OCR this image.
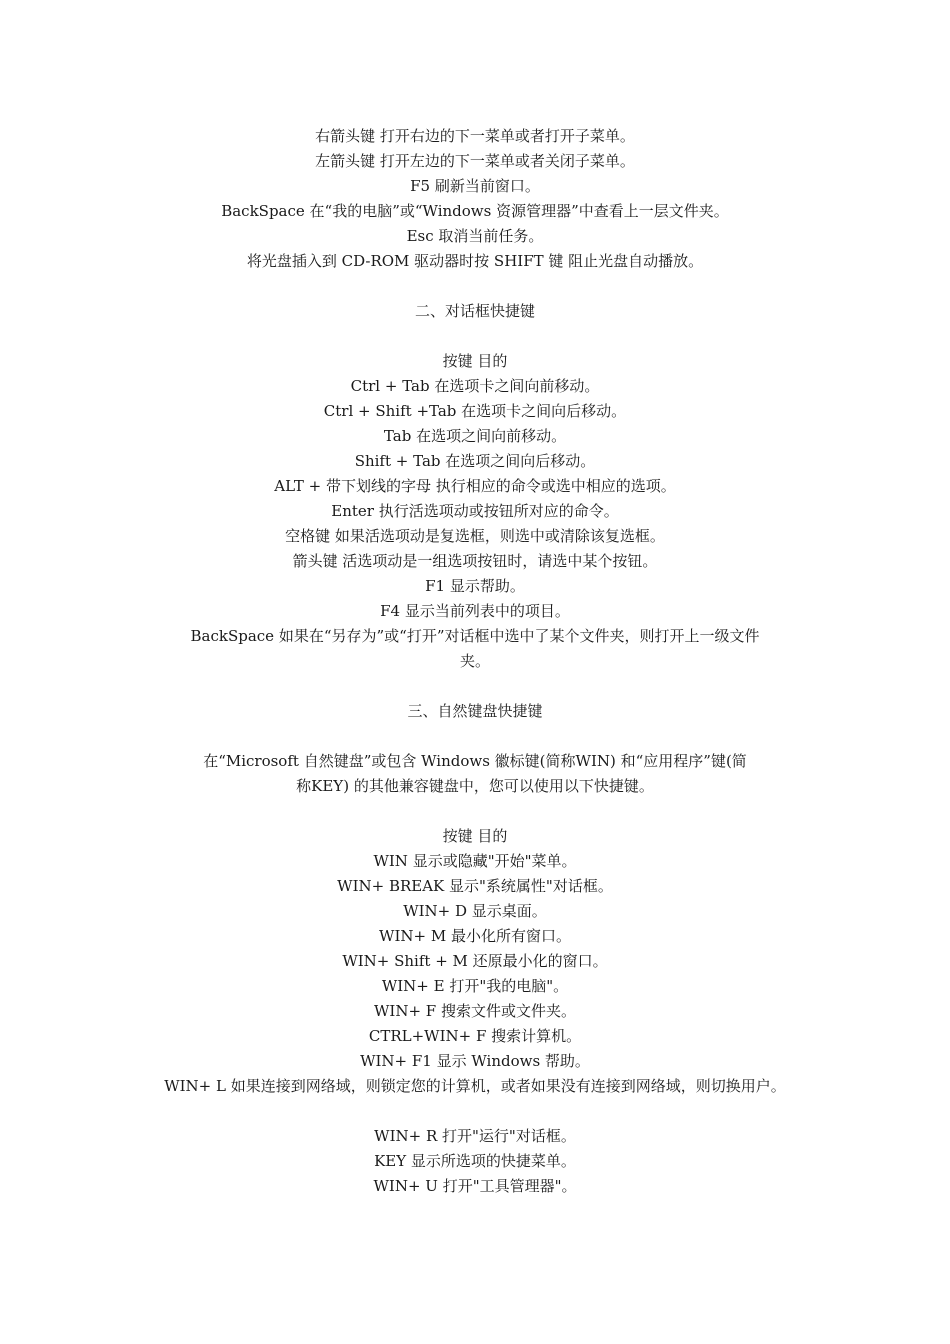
右箭头键 打开右边的下一菜单或者打开子菜单。
左箭头键 打开左边的下一菜单或者关闭子菜单。
F5 刷新当前窗口。
BackSpace 在“我的电脑”或“Windows 资源管理器”中查看上一层文件夹。
Esc 取消当前任务。
将光盘插入到 CD-ROM 驱动器时按 SHIFT 键 阻止光盘自动播放。
二、对话框快捷键
按键 目的
Ctrl + Tab 在选项卡之间向前移动。
Ctrl + Shift +Tab 在选项卡之间向后移动。
Tab 在选项之间向前移动。
Shift + Tab 在选项之间向后移动。
ALT + 带下划线的字母 执行相应的命令或选中相应的选项。
Enter 执行活选项动或按钮所对应的命令。
空格键 如果活选项动是复选框，则选中或清除该复选框。
箭头键 活选项动是一组选项按钮时，请选中某个按钮。
F1 显示帮助。
F4 显示当前列表中的项目。
BackSpace 如果在“另存为”或“打开”对话框中选中了某个文件夹，则打开上一级文件
夹。
三、自然键盘快捷键
在“Microsoft 自然键盘”或包含 Windows 徽标键(简称WIN) 和“应用程序”键(简
称KEY) 的其他兼容键盘中，您可以使用以下快捷键。
按键 目的
WIN 显示或隐藏"开始"菜单。
WIN+ BREAK 显示"系统属性"对话框。
WIN+ D 显示桌面。
WIN+ M 最小化所有窗口。
WIN+ Shift + M 还原最小化的窗口。
WIN+ E 打开"我的电脑"。
WIN+ F 搜索文件或文件夹。
CTRL+WIN+ F 搜索计算机。
WIN+ F1 显示 Windows 帮助。
WIN+ L 如果连接到网络域，则锁定您的计算机，或者如果没有连接到网络域，则切换用户。
WIN+ R 打开"运行"对话框。
KEY 显示所选项的快捷菜单。
WIN+ U 打开"工具管理器"。
